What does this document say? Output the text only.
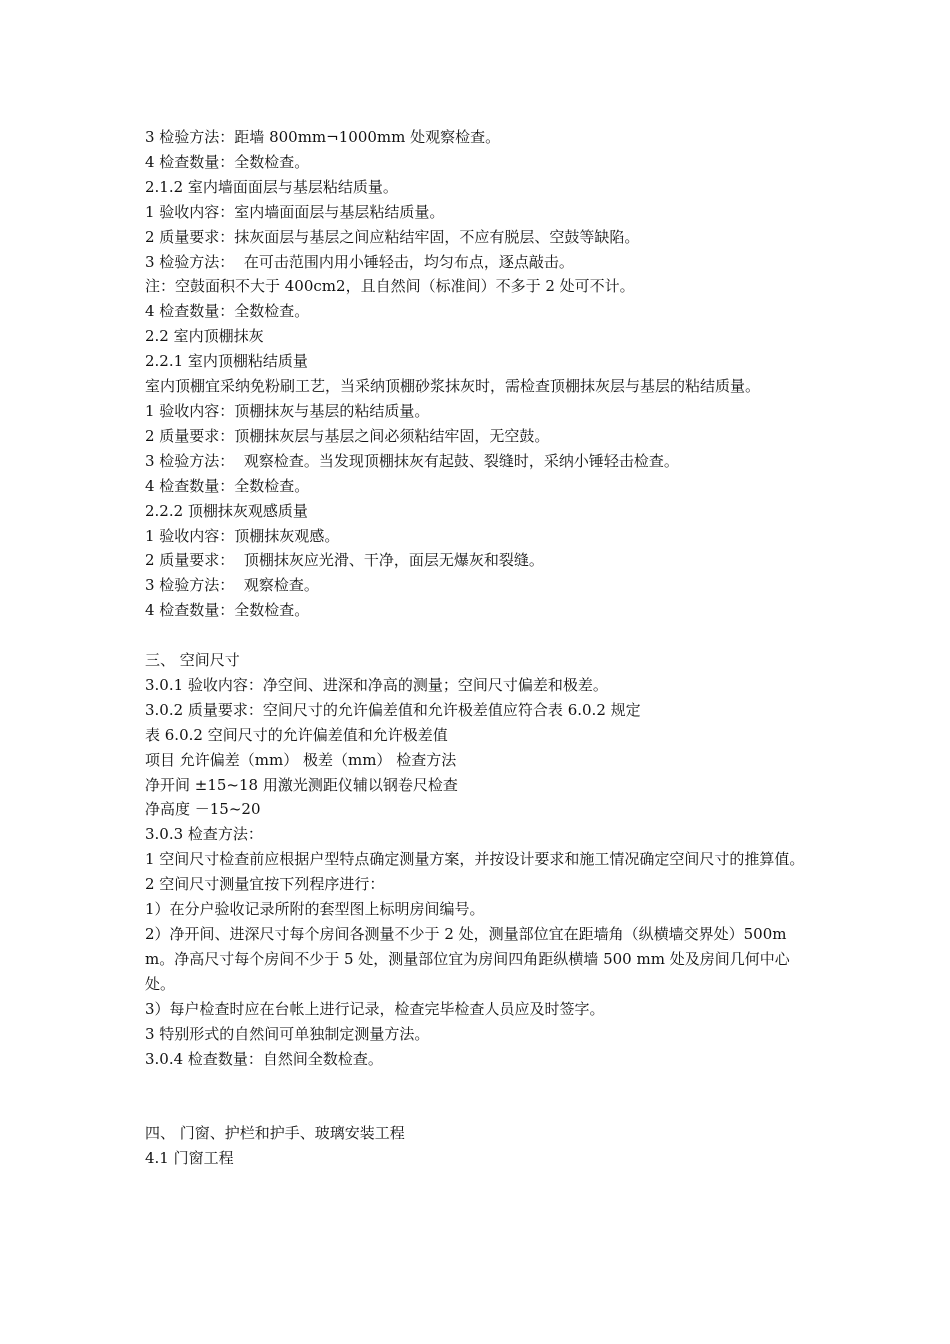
3 检验方法：距墙 800mm¬1000mm 处观察检查。
4 检查数量：全数检查。
2.1.2 室内墙面面层与基层粘结质量。
1 验收内容：室内墙面面层与基层粘结质量。
2 质量要求：抹灰面层与基层之间应粘结牢固，不应有脱层、空鼓等缺陷。
3 检验方法：  在可击范围内用小锤轻击，均匀布点，逐点敲击。
注：空鼓面积不大于 400cm2，且自然间（标准间）不多于 2 处可不计。
4 检查数量：全数检查。
2.2 室内顶棚抹灰
2.2.1 室内顶棚粘结质量
室内顶棚宜采纳免粉刷工艺，当采纳顶棚砂浆抹灰时，需检查顶棚抹灰层与基层的粘结质量。
1 验收内容：顶棚抹灰与基层的粘结质量。
2 质量要求：顶棚抹灰层与基层之间必须粘结牢固，无空鼓。
3 检验方法：  观察检查。当发现顶棚抹灰有起鼓、裂缝时，采纳小锤轻击检查。
4 检查数量：全数检查。
2.2.2 顶棚抹灰观感质量
1 验收内容：顶棚抹灰观感。
2 质量要求：  顶棚抹灰应光滑、干净，面层无爆灰和裂缝。
3 检验方法：  观察检查。
4 检查数量：全数检查。
三、 空间尺寸
3.0.1 验收内容：净空间、进深和净高的测量；空间尺寸偏差和极差。
3.0.2 质量要求：空间尺寸的允许偏差值和允许极差值应符合表 6.0.2 规定
表 6.0.2 空间尺寸的允许偏差值和允许极差值
项目 允许偏差（mm） 极差（mm） 检查方法
净开间 ±15~18 用激光测距仪辅以钢卷尺检查
净高度 －15~20
3.0.3 检查方法：
1 空间尺寸检查前应根据户型特点确定测量方案，并按设计要求和施工情况确定空间尺寸的推算值。
2 空间尺寸测量宜按下列程序进行：
1）在分户验收记录所附的套型图上标明房间编号。
2）净开间、进深尺寸每个房间各测量不少于 2 处，测量部位宜在距墙角（纵横墙交界处）500mm。净高尺寸每个房间不少于 5 处，测量部位宜为房间四角距纵横墙 500 mm 处及房间几何中心处。
3）每户检查时应在台帐上进行记录，检查完毕检查人员应及时签字。
3 特别形式的自然间可单独制定测量方法。
3.0.4 检查数量：自然间全数检查。
四、 门窗、护栏和护手、玻璃安装工程
4.1 门窗工程
